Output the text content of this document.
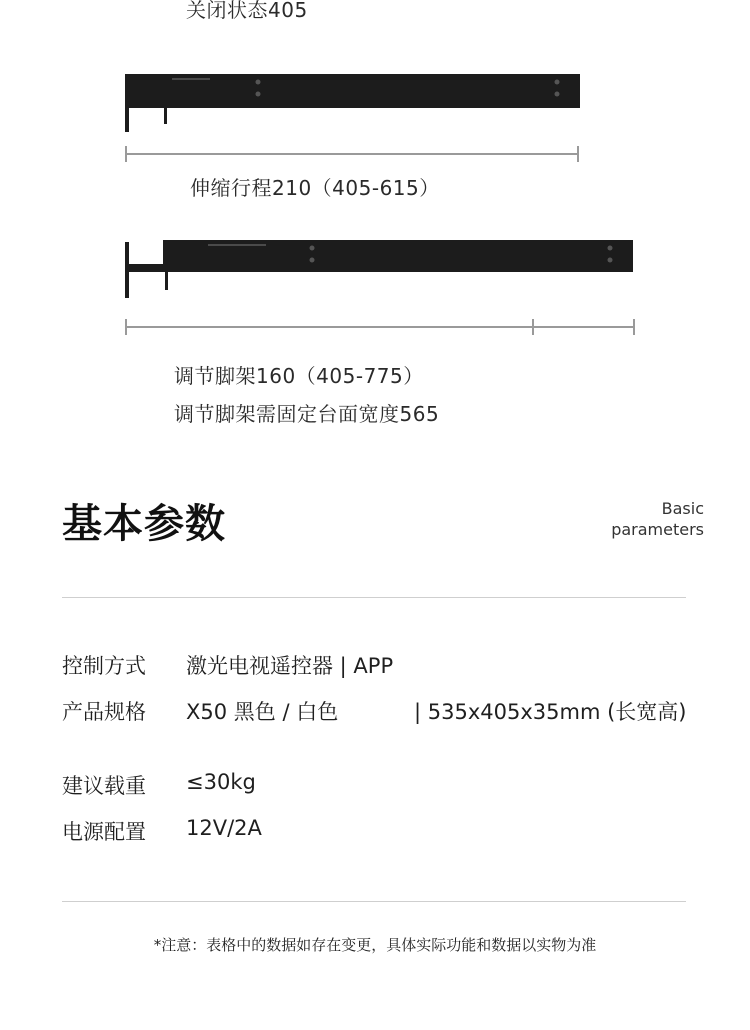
关闭状态405
伸缩行程210（405-615）
调节脚架160（405-775）
调节脚架需固定台面宽度565
基本参数	Basic
parameters
控制方式 激光电视遥控器 | APP
产品规格 X50 黑色 / 白色	| 535x405x35mm (长宽高)
建议载重 ≤30kg
电源配置 12V/2A
*注意：表格中的数据如存在变更，具体实际功能和数据以实物为准
